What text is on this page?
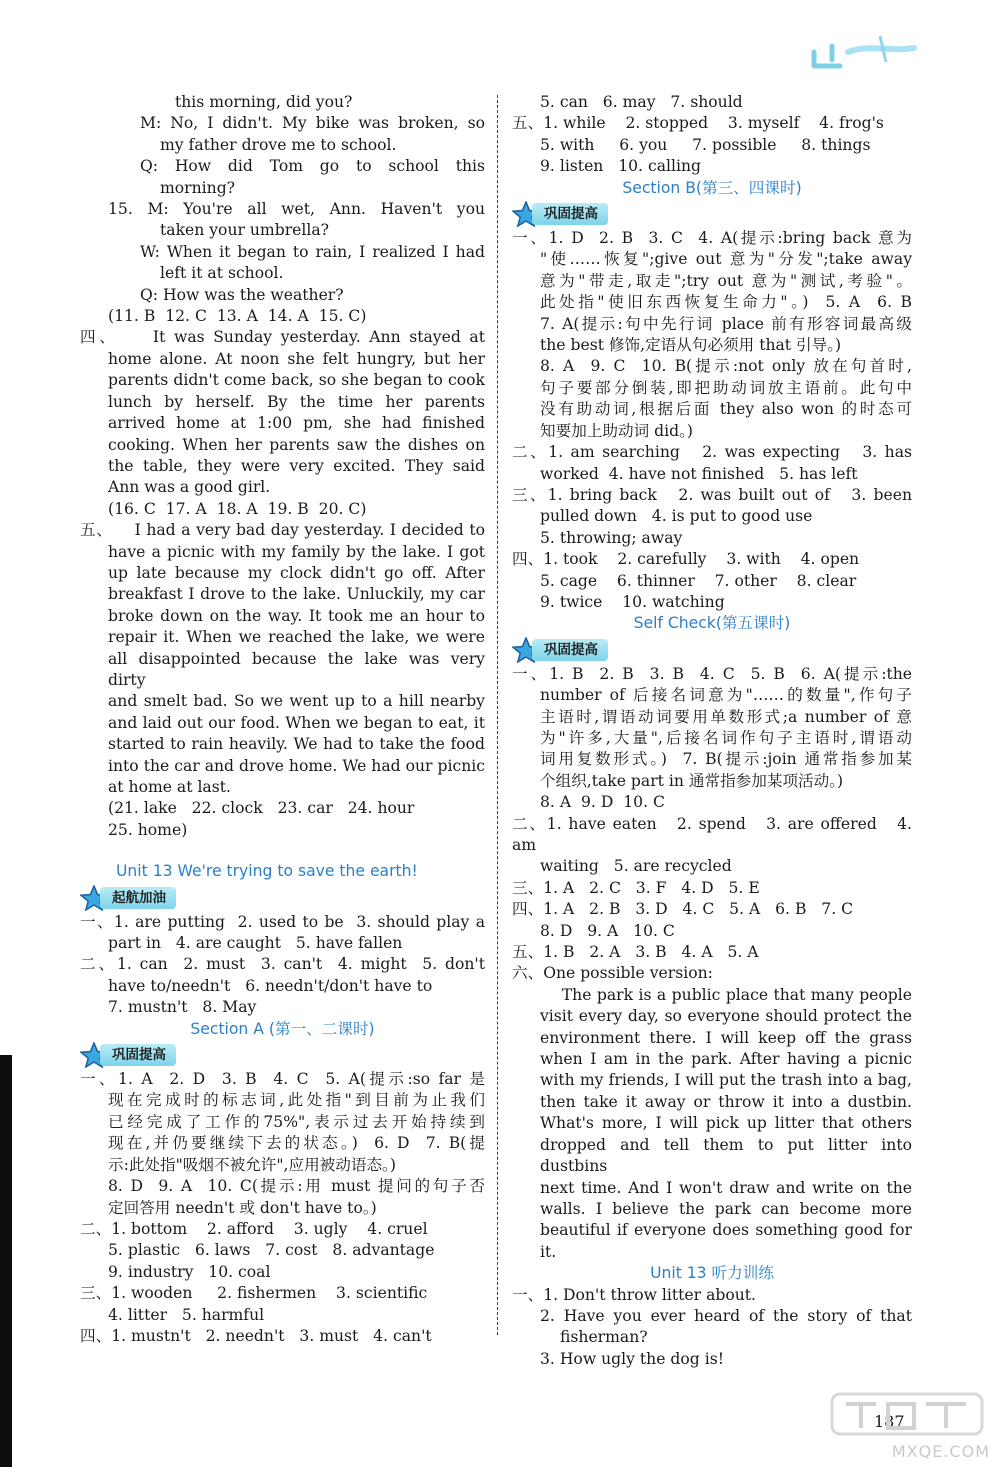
this morning, did you?

M: No, I didn't. My bike was broken, so

my father drove me to school.

Q: How did Tom go to school this

morning?

15. M: You're all wet, Ann. Haven't you

taken your umbrella?

W: When it began to rain, I realized I had

left it at school.

Q: How was the weather?

(11. B  12. C  13. A  14. A  15. C)

四、    It was Sunday yesterday. Ann stayed at

home alone. At noon she felt hungry, but her

parents didn't come back, so she began to cook

lunch by herself. By the time her parents

arrived home at 1:00 pm, she had finished

cooking. When her parents saw the dishes on

the table, they were very excited. They said

Ann was a good girl.

(16. C  17. A  18. A  19. B  20. C)

五、    I had a very bad day yesterday. I decided to

have a picnic with my family by the lake. I got

up late because my clock didn't go off. After

breakfast I drove to the lake. Unluckily, my car

broke down on the way. It took me an hour to

repair it. When we reached the lake, we were

all disappointed because the lake was very dirty

and smelt bad. So we went up to a hill nearby

and laid out our food. When we began to eat, it

started to rain heavily. We had to take the food

into the car and drove home. We had our picnic

at home at last.

(21. lake   22. clock   23. car   24. hour

25. home)

Unit 13 We're trying to save the earth!

起航加油

一、1. are putting  2. used to be  3. should play a

part in   4. are caught   5. have fallen

二、1. can  2. must  3. can't  4. might  5. don't

have to/needn't   6. needn't/don't have to

7. mustn't   8. May

Section A (第一、二课时)

巩固提高

一、1. A  2. D  3. B  4. C  5. A(提示:so far 是

现在完成时的标志词,此处指"到目前为止我们

已经完成了工作的75%",表示过去开始持续到

现在,并仍要继续下去的状态。)  6. D  7. B(提

示:此处指"吸烟不被允许",应用被动语态。)

8. D  9. A  10. C(提示:用 must 提问的句子否

定回答用 needn't 或 don't have to。)

二、1. bottom    2. afford    3. ugly    4. cruel

5. plastic   6. laws   7. cost   8. advantage

9. industry   10. coal

三、1. wooden     2. fishermen    3. scientific

4. litter   5. harmful

四、1. mustn't   2. needn't   3. must   4. can't

5. can   6. may   7. should

五、1. while    2. stopped    3. myself    4. frog's

5. with     6. you     7. possible     8. things

9. listen   10. calling

Section B(第三、四课时)

巩固提高

一、1. D  2. B  3. C  4. A(提示:bring back 意为

"使……恢复";give out 意为"分发";take away

意为"带走,取走";try out 意为"测试,考验"。

此处指"使旧东西恢复生命力"。)  5. A  6. B

7. A(提示:句中先行词 place 前有形容词最高级

the best 修饰,定语从句必须用 that 引导。)

8. A  9. C  10. B(提示:not only 放在句首时,

句子要部分倒装,即把助动词放主语前。此句中

没有助动词,根据后面 they also won 的时态可

知要加上助动词 did。)

二、1. am searching   2. was expecting   3. has

worked  4. have not finished   5. has left

三、1. bring back   2. was built out of   3. been

pulled down   4. is put to good use

5. throwing; away

四、1. took    2. carefully    3. with    4. open

5. cage    6. thinner    7. other    8. clear

9. twice    10. watching

Self Check(第五课时)

巩固提高

一、1. B  2. B  3. B  4. C  5. B  6. A(提示:the

number of 后接名词意为"……的数量",作句子

主语时,谓语动词要用单数形式;a number of 意

为"许多,大量",后接名词作句子主语时,谓语动

词用复数形式。)  7. B(提示:join 通常指参加某

个组织,take part in 通常指参加某项活动。)

8. A  9. D  10. C

二、1. have eaten   2. spend   3. are offered   4. am

waiting   5. are recycled

三、1. A   2. C   3. F   4. D   5. E

四、1. A   2. B   3. D   4. C   5. A   6. B   7. C

8. D   9. A   10. C

五、1. B   2. A   3. B   4. A   5. A

六、One possible version:

The park is a public place that many people

visit every day, so everyone should protect the

environment there. I will keep off the grass

when I am in the park. After having a picnic

with my friends, I will put the trash into a bag,

then take it away or throw it into a dustbin.

What's more, I will pick up litter that others

dropped and tell them to put litter into dustbins

next time. And I won't draw and write on the

walls. I believe the park can become more

beautiful if everyone does something good for

it.

Unit 13 听力训练

一、1. Don't throw litter about.

2. Have you ever heard of the story of that

fisherman?

3. How ugly the dog is!

187
MXQE.COM
